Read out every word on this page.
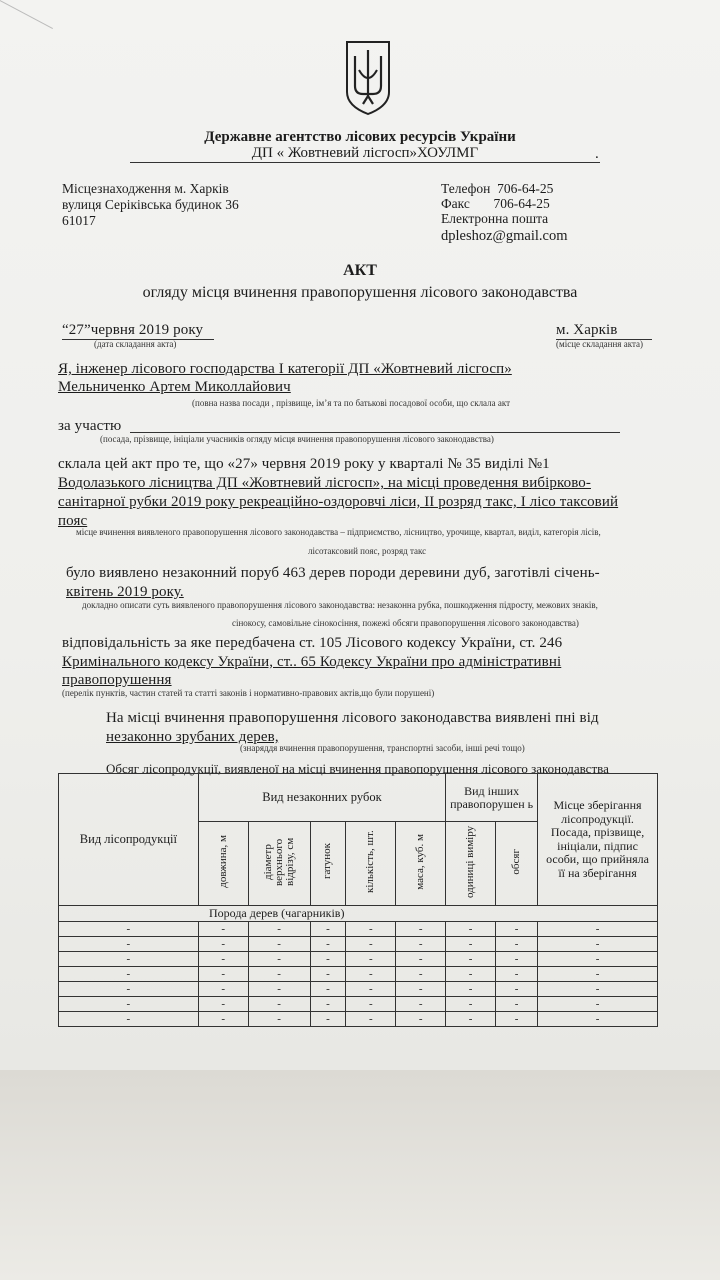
Державне агентство лісових ресурсів України
ДП « Жовтневий лісгосп»ХОУЛМГ	.
Місцезнаходження м. Харків
вулиця Серіківська будинок 36
61017
Телефон  706-64-25
Факс       706-64-25
Електронна пошта
dpleshoz@gmail.com
АКТ
огляду місця вчинення правопорушення лісового законодавства
“27”червня 2019 року
(дата складання акта)
м. Харків
(місце складання акта)
Я, інженер лісового господарства І категорії ДП «Жовтневий лісгосп»
Мельниченко Артем Миколлайович
(повна назва посади , прізвище, ім’я та по батькові посадової особи, що склала акт
за участю
(посада, прізвище, ініціали учасників огляду місця вчинення правопорушення лісового законодавства)
склала цей акт про те, що «27» червня 2019 року у кварталі № 35 виділі №1
Водолазького лісництва ДП «Жовтневий лісгосп», на місці проведення вибірково-
санітарної рубки 2019 року рекреаційно-оздоровчі ліси, ІІ розряд такс, І лісо таксовий
пояс
місце вчинення виявленого правопорушення лісового законодавства – підприємство, лісництво, урочище, квартал, виділ, категорія лісів,
лісотаксовий пояс, розряд такс
було виявлено незаконний поруб 463 дерев породи деревини дуб, заготівлі січень-
квітень 2019 року.
докладно описати суть виявленого правопорушення лісового законодавства: незаконна рубка, пошкодження підросту, межових знаків,
сінокосу, самовільне сінокосіння, пожежі обсяги правопорушення лісового законодавства)
відповідальність за яке передбачена ст. 105 Лісового кодексу України, ст. 246
Кримінального кодексу України, ст.. 65 Кодексу України про адміністративні
правопорушення
(перелік пунктів, частин статей та статті законів і нормативно-правових актів,що були порушені)
На місці вчинення правопорушення лісового законодавства виявлені пні від
незаконно зрубаних дерев,
(знаряддя вчинення правопорушення, транспортні засоби, інші речі тощо)
Обсяг лісопродукції, виявленої на місці вчинення правопорушення лісового законодавства
Вид лісопродукції	Вид незаконних рубок					Вид інших правопорушен ь		Місце зберігання лісопродукції. Посада, прізвище, ініціали, підпис особи, що прийняла її на зберігання
	довжина, м	діаметр верхнього відрізу, см	гатунок	кількість, шт.	маса, куб. м	одиниці виміру	обсяг	
Порода дерев (чагарників)								
-	-	-	-	-	-	-	-	-
-	-	-	-	-	-	-	-	-
-	-	-	-	-	-	-	-	-
-	-	-	-	-	-	-	-	-
-	-	-	-	-	-	-	-	-
-	-	-	-	-	-	-	-	-
-	-	-	-	-	-	-	-	-
